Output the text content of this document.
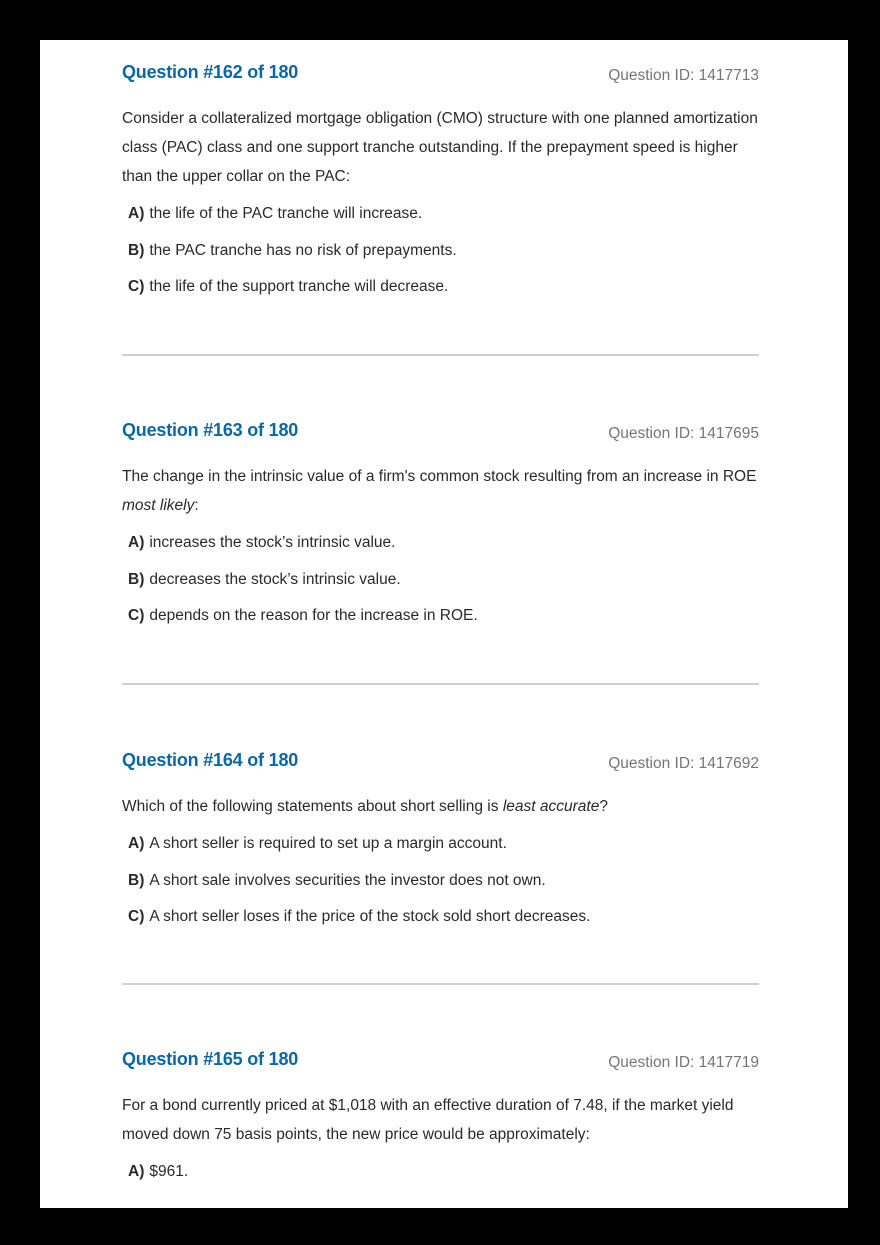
Question #162 of 180	Question ID: 1417713
Consider a collateralized mortgage obligation (CMO) structure with one planned amortization class (PAC) class and one support tranche outstanding. If the prepayment speed is higher than the upper collar on the PAC:
A) the life of the PAC tranche will increase.
B) the PAC tranche has no risk of prepayments.
C) the life of the support tranche will decrease.
Question #163 of 180	Question ID: 1417695
The change in the intrinsic value of a firm's common stock resulting from an increase in ROE most likely:
A) increases the stock’s intrinsic value.
B) decreases the stock’s intrinsic value.
C) depends on the reason for the increase in ROE.
Question #164 of 180	Question ID: 1417692
Which of the following statements about short selling is least accurate?
A) A short seller is required to set up a margin account.
B) A short sale involves securities the investor does not own.
C) A short seller loses if the price of the stock sold short decreases.
Question #165 of 180	Question ID: 1417719
For a bond currently priced at $1,018 with an effective duration of 7.48, if the market yield moved down 75 basis points, the new price would be approximately:
A) $961.
